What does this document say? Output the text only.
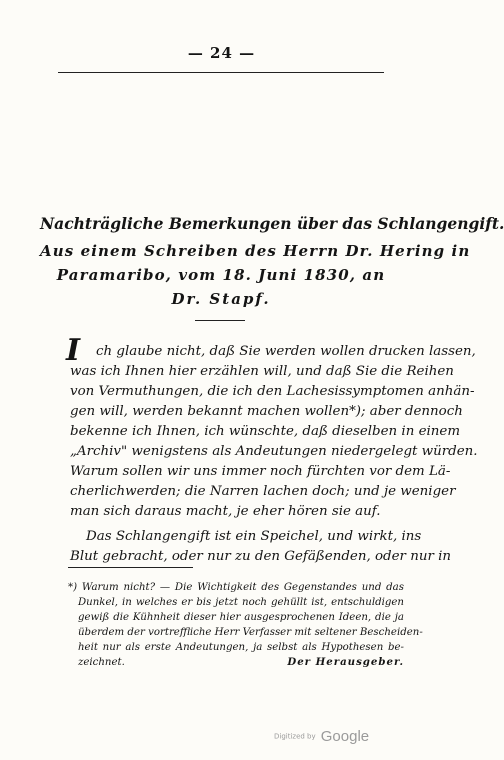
— 24 —
Nachträgliche Bemerkungen über das Schlangengift.
Aus einem Schreiben des Herrn Dr. Hering in
Paramaribo, vom 18. Juni 1830, an
Dr. Stapf.
I ch glaube nicht, daß Sie werden wollen drucken lassen,
was ich Ihnen hier erzählen will, und daß Sie die Reihen
von Vermuthungen, die ich den Lachesissymptomen anhän-
gen will, werden bekannt machen wollen*); aber dennoch
bekenne ich Ihnen, ich wünschte, daß dieselben in einem
„Archiv" wenigstens als Andeutungen niedergelegt würden.
Warum sollen wir uns immer noch fürchten vor dem Lä-
cherlichwerden; die Narren lachen doch; und je weniger
man sich daraus macht, je eher hören sie auf.
Das Schlangengift ist ein Speichel, und wirkt, ins
Blut gebracht, oder nur zu den Gefäßenden, oder nur in
*) Warum nicht? — Die Wichtigkeit des Gegenstandes und das
Dunkel, in welches er bis jetzt noch gehüllt ist, entschuldigen
gewiß die Kühnheit dieser hier ausgesprochenen Ideen, die ja
überdem der vortreffliche Herr Verfasser mit seltener Bescheiden-
heit nur als erste Andeutungen, ja selbst als Hypothesen be-
zeichnet.	Der Herausgeber.
Digitized by Google
